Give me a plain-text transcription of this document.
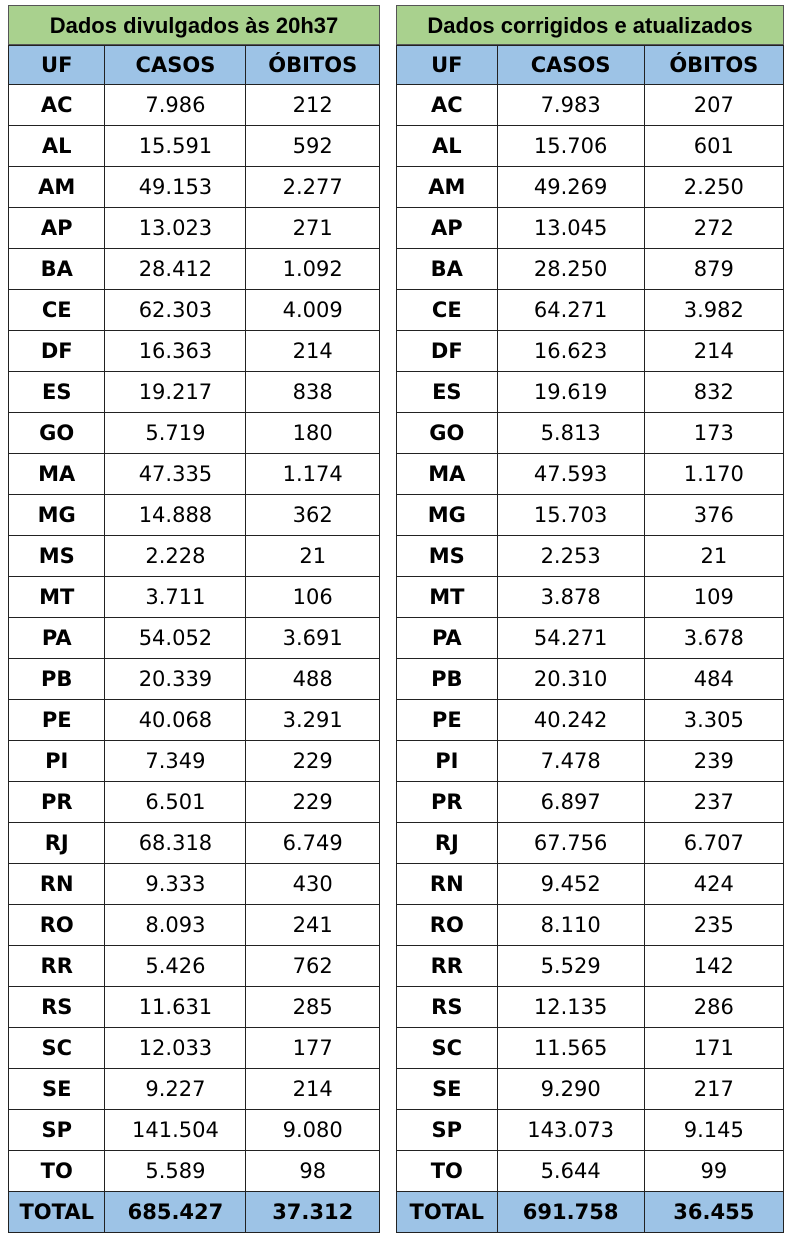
Dados divulgados às 20h37
UF	CASOS	ÓBITOS
AC	7.986	212
AL	15.591	592
AM	49.153	2.277
AP	13.023	271
BA	28.412	1.092
CE	62.303	4.009
DF	16.363	214
ES	19.217	838
GO	5.719	180
MA	47.335	1.174
MG	14.888	362
MS	2.228	21
MT	3.711	106
PA	54.052	3.691
PB	20.339	488
PE	40.068	3.291
PI	7.349	229
PR	6.501	229
RJ	68.318	6.749
RN	9.333	430
RO	8.093	241
RR	5.426	762
RS	11.631	285
SC	12.033	177
SE	9.227	214
SP	141.504	9.080
TO	5.589	98
TOTAL	685.427	37.312
Dados corrigidos e atualizados
UF	CASOS	ÓBITOS
AC	7.983	207
AL	15.706	601
AM	49.269	2.250
AP	13.045	272
BA	28.250	879
CE	64.271	3.982
DF	16.623	214
ES	19.619	832
GO	5.813	173
MA	47.593	1.170
MG	15.703	376
MS	2.253	21
MT	3.878	109
PA	54.271	3.678
PB	20.310	484
PE	40.242	3.305
PI	7.478	239
PR	6.897	237
RJ	67.756	6.707
RN	9.452	424
RO	8.110	235
RR	5.529	142
RS	12.135	286
SC	11.565	171
SE	9.290	217
SP	143.073	9.145
TO	5.644	99
TOTAL	691.758	36.455
